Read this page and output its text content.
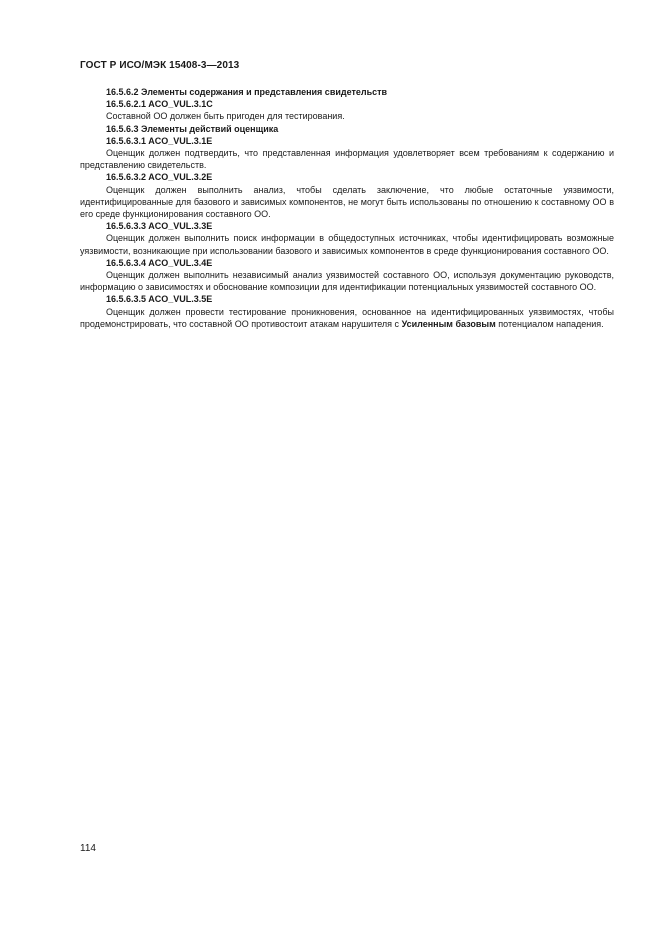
ГОСТ Р ИСО/МЭК 15408-3—2013
16.5.6.2 Элементы содержания и представления свидетельств
16.5.6.2.1 ACO_VUL.3.1C
Составной ОО должен быть пригоден для тестирования.
16.5.6.3 Элементы действий оценщика
16.5.6.3.1 ACO_VUL.3.1E
Оценщик должен подтвердить, что представленная информация удовлетворяет всем требованиям к содержанию и представлению свидетельств.
16.5.6.3.2 ACO_VUL.3.2E
Оценщик должен выполнить анализ, чтобы сделать заключение, что любые остаточные уязвимости, идентифицированные для базового и зависимых компонентов, не могут быть использованы по отношению к составному ОО в его среде функционирования составного ОО.
16.5.6.3.3 ACO_VUL.3.3E
Оценщик должен выполнить поиск информации в общедоступных источниках, чтобы идентифицировать возможные уязвимости, возникающие при использовании базового и зависимых компонентов в среде функционирования составного ОО.
16.5.6.3.4 ACO_VUL.3.4E
Оценщик должен выполнить независимый анализ уязвимостей составного ОО, используя документацию руководств, информацию о зависимостях и обоснование композиции для идентификации потенциальных уязвимостей составного ОО.
16.5.6.3.5 ACO_VUL.3.5E
Оценщик должен провести тестирование проникновения, основанное на идентифицированных уязвимостях, чтобы продемонстрировать, что составной ОО противостоит атакам нарушителя с Усиленным базовым потенциалом нападения.
114
